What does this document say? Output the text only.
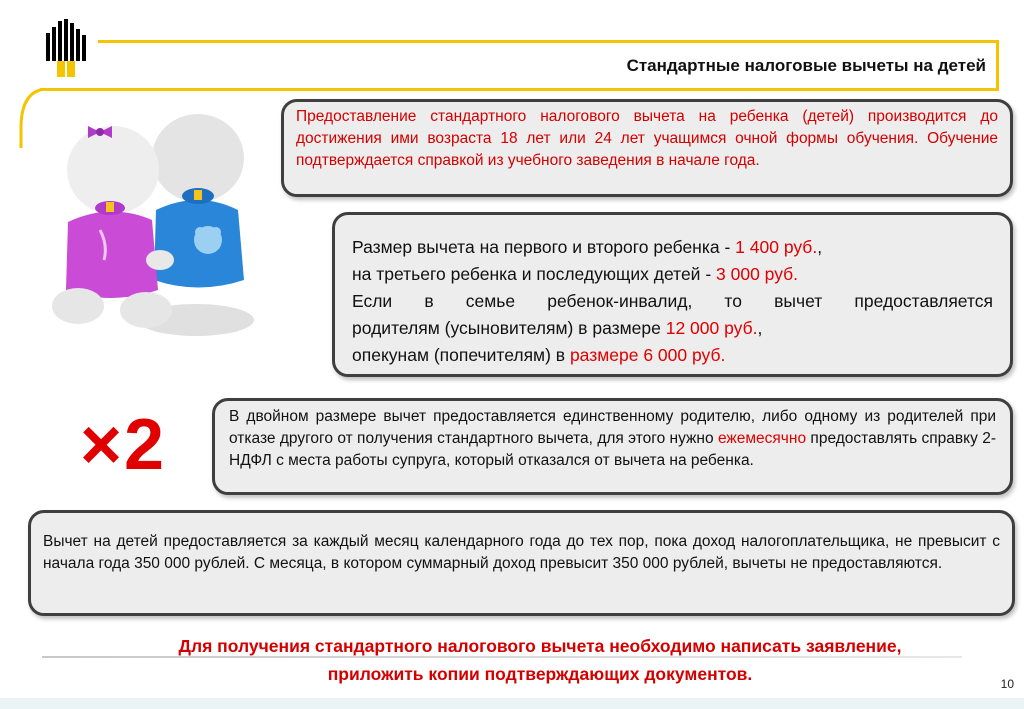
Стандартные налоговые вычеты на детей
Предоставление стандартного налогового вычета на ребенка (детей) производится до достижения ими возраста 18 лет или 24 лет учащимся очной формы обучения. Обучение подтверждается справкой из учебного заведения в начале года.
Размер вычета на первого и второго ребенка - 1 400 руб.,
на третьего ребенка и последующих детей - 3 000 руб.
Если в семье ребенок-инвалид, то вычет предоставляется
родителям (усыновителям) в размере 12 000 руб.,
опекунам (попечителям) в размере 6 000 руб.
×2	В двойном размере вычет предоставляется единственному родителю, либо одному из родителей при отказе другого от получения стандартного вычета, для этого нужно ежемесячно предоставлять справку 2-НДФЛ с места работы супруга, который отказался от вычета на ребенка.
Вычет на детей предоставляется за каждый месяц календарного года до тех пор, пока доход налогоплательщика, не превысит с начала года 350 000 рублей. С месяца, в котором суммарный доход превысит 350 000 рублей, вычеты не предоставляются.
Для получения стандартного налогового вычета необходимо написать заявление,
приложить копии подтверждающих документов.	10
